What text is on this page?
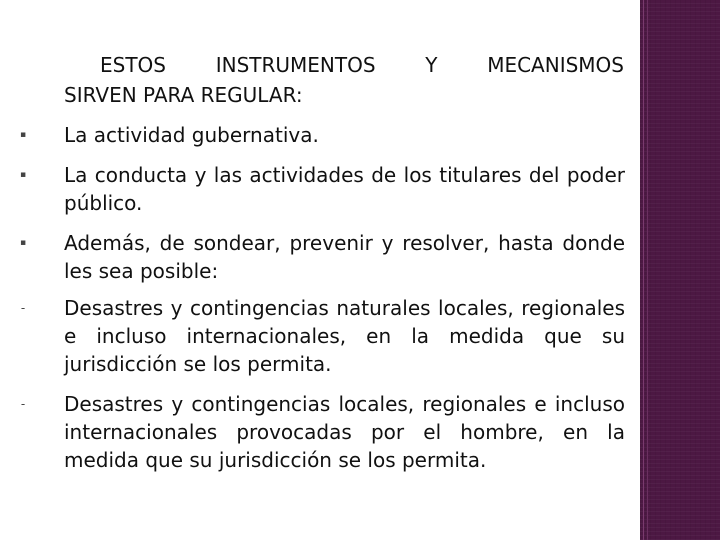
ESTOS INSTRUMENTOS Y MECANISMOS
SIRVEN PARA REGULAR:
▪ La actividad gubernativa.
▪ La conducta y las actividades de los titulares del poder público.
▪ Además, de sondear, prevenir y resolver, hasta donde les sea posible:
- Desastres y contingencias naturales locales, regionales e incluso internacionales, en la medida que su jurisdicción se los permita.
- Desastres y contingencias locales, regionales e incluso internacionales provocadas por el hombre, en la medida que su jurisdicción se los permita.
